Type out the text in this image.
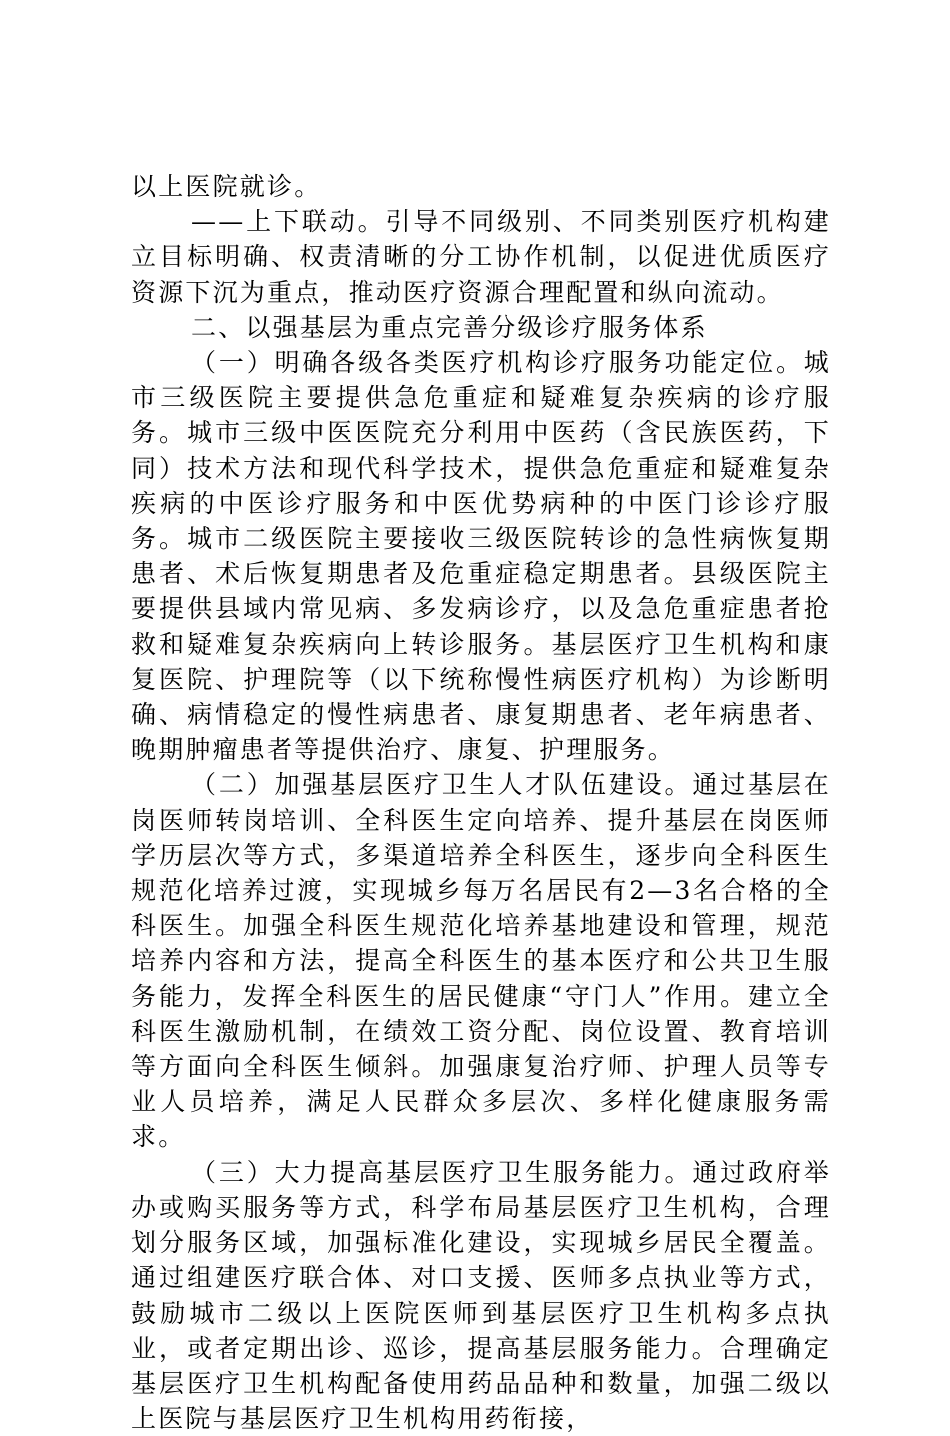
以上医院就诊。

——上下联动。引导不同级别、不同类别医疗机构建立目标明确、权责清晰的分工协作机制，以促进优质医疗资源下沉为重点，推动医疗资源合理配置和纵向流动。

二、以强基层为重点完善分级诊疗服务体系

（一）明确各级各类医疗机构诊疗服务功能定位。城市三级医院主要提供急危重症和疑难复杂疾病的诊疗服务。城市三级中医医院充分利用中医药（含民族医药，下同）技术方法和现代科学技术，提供急危重症和疑难复杂疾病的中医诊疗服务和中医优势病种的中医门诊诊疗服务。城市二级医院主要接收三级医院转诊的急性病恢复期患者、术后恢复期患者及危重症稳定期患者。县级医院主要提供县域内常见病、多发病诊疗，以及急危重症患者抢救和疑难复杂疾病向上转诊服务。基层医疗卫生机构和康复医院、护理院等（以下统称慢性病医疗机构）为诊断明确、病情稳定的慢性病患者、康复期患者、老年病患者、晚期肿瘤患者等提供治疗、康复、护理服务。

（二）加强基层医疗卫生人才队伍建设。通过基层在岗医师转岗培训、全科医生定向培养、提升基层在岗医师学历层次等方式，多渠道培养全科医生，逐步向全科医生规范化培养过渡，实现城乡每万名居民有2—3名合格的全科医生。加强全科医生规范化培养基地建设和管理，规范培养内容和方法，提高全科医生的基本医疗和公共卫生服务能力，发挥全科医生的居民健康“守门人”作用。建立全科医生激励机制，在绩效工资分配、岗位设置、教育培训等方面向全科医生倾斜。加强康复治疗师、护理人员等专业人员培养，满足人民群众多层次、多样化健康服务需求。

（三）大力提高基层医疗卫生服务能力。通过政府举办或购买服务等方式，科学布局基层医疗卫生机构，合理划分服务区域，加强标准化建设，实现城乡居民全覆盖。通过组建医疗联合体、对口支援、医师多点执业等方式，鼓励城市二级以上医院医师到基层医疗卫生机构多点执业，或者定期出诊、巡诊，提高基层服务能力。合理确定基层医疗卫生机构配备使用药品品种和数量，加强二级以上医院与基层医疗卫生机构用药衔接，
